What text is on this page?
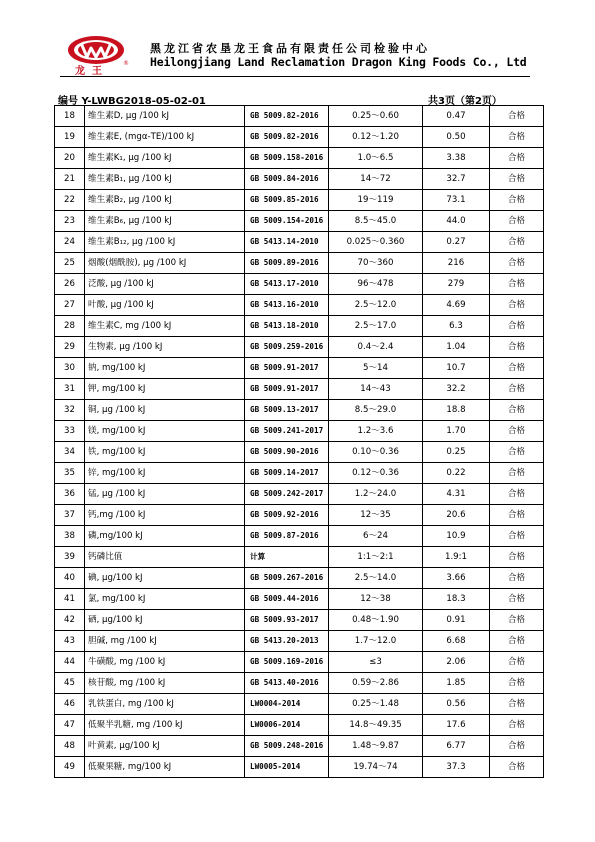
龙王
®
黑龙江省农垦龙王食品有限责任公司检验中心
Heilongjiang Land Reclamation Dragon King Foods Co., Ltd
编号 Y-LWBG2018-05-02-01	共3页（第2页）
18	维生素D, μg /100 kJ	GB 5009.82-2016	0.25～0.60	0.47	合格
19	维生素E, (mgα-TE)/100 kJ	GB 5009.82-2016	0.12～1.20	0.50	合格
20	维生素K₁, μg /100 kJ	GB 5009.158-2016	1.0～6.5	3.38	合格
21	维生素B₁, μg /100 kJ	GB 5009.84-2016	14～72	32.7	合格
22	维生素B₂, μg /100 kJ	GB 5009.85-2016	19～119	73.1	合格
23	维生素B₆, μg /100 kJ	GB 5009.154-2016	8.5～45.0	44.0	合格
24	维生素B₁₂, μg /100 kJ	GB 5413.14-2010	0.025～0.360	0.27	合格
25	烟酸(烟酰胺), μg /100 kJ	GB 5009.89-2016	70～360	216	合格
26	泛酸, μg /100 kJ	GB 5413.17-2010	96～478	279	合格
27	叶酸, μg /100 kJ	GB 5413.16-2010	2.5～12.0	4.69	合格
28	维生素C, mg /100 kJ	GB 5413.18-2010	2.5～17.0	6.3	合格
29	生物素, μg /100 kJ	GB 5009.259-2016	0.4～2.4	1.04	合格
30	钠, mg/100 kJ	GB 5009.91-2017	5～14	10.7	合格
31	钾, mg/100 kJ	GB 5009.91-2017	14～43	32.2	合格
32	铜, μg /100 kJ	GB 5009.13-2017	8.5～29.0	18.8	合格
33	镁, mg/100 kJ	GB 5009.241-2017	1.2～3.6	1.70	合格
34	铁, mg/100 kJ	GB 5009.90-2016	0.10～0.36	0.25	合格
35	锌, mg/100 kJ	GB 5009.14-2017	0.12～0.36	0.22	合格
36	锰, μg /100 kJ	GB 5009.242-2017	1.2～24.0	4.31	合格
37	钙,mg /100 kJ	GB 5009.92-2016	12～35	20.6	合格
38	磷,mg/100 kJ	GB 5009.87-2016	6～24	10.9	合格
39	钙磷比值	计算	1:1～2:1	1.9:1	合格
40	碘, μg/100 kJ	GB 5009.267-2016	2.5～14.0	3.66	合格
41	氯, mg/100 kJ	GB 5009.44-2016	12～38	18.3	合格
42	硒, μg/100 kJ	GB 5009.93-2017	0.48～1.90	0.91	合格
43	胆碱, mg /100 kJ	GB 5413.20-2013	1.7～12.0	6.68	合格
44	牛磺酸, mg /100 kJ	GB 5009.169-2016	≤3	2.06	合格
45	核苷酸, mg /100 kJ	GB 5413.40-2016	0.59～2.86	1.85	合格
46	乳铁蛋白, mg /100 kJ	LW0004-2014	0.25～1.48	0.56	合格
47	低聚半乳糖, mg /100 kJ	LW0006-2014	14.8～49.35	17.6	合格
48	叶黄素, μg/100 kJ	GB 5009.248-2016	1.48～9.87	6.77	合格
49	低聚果糖, mg/100 kJ	LW0005-2014	19.74～74	37.3	合格
